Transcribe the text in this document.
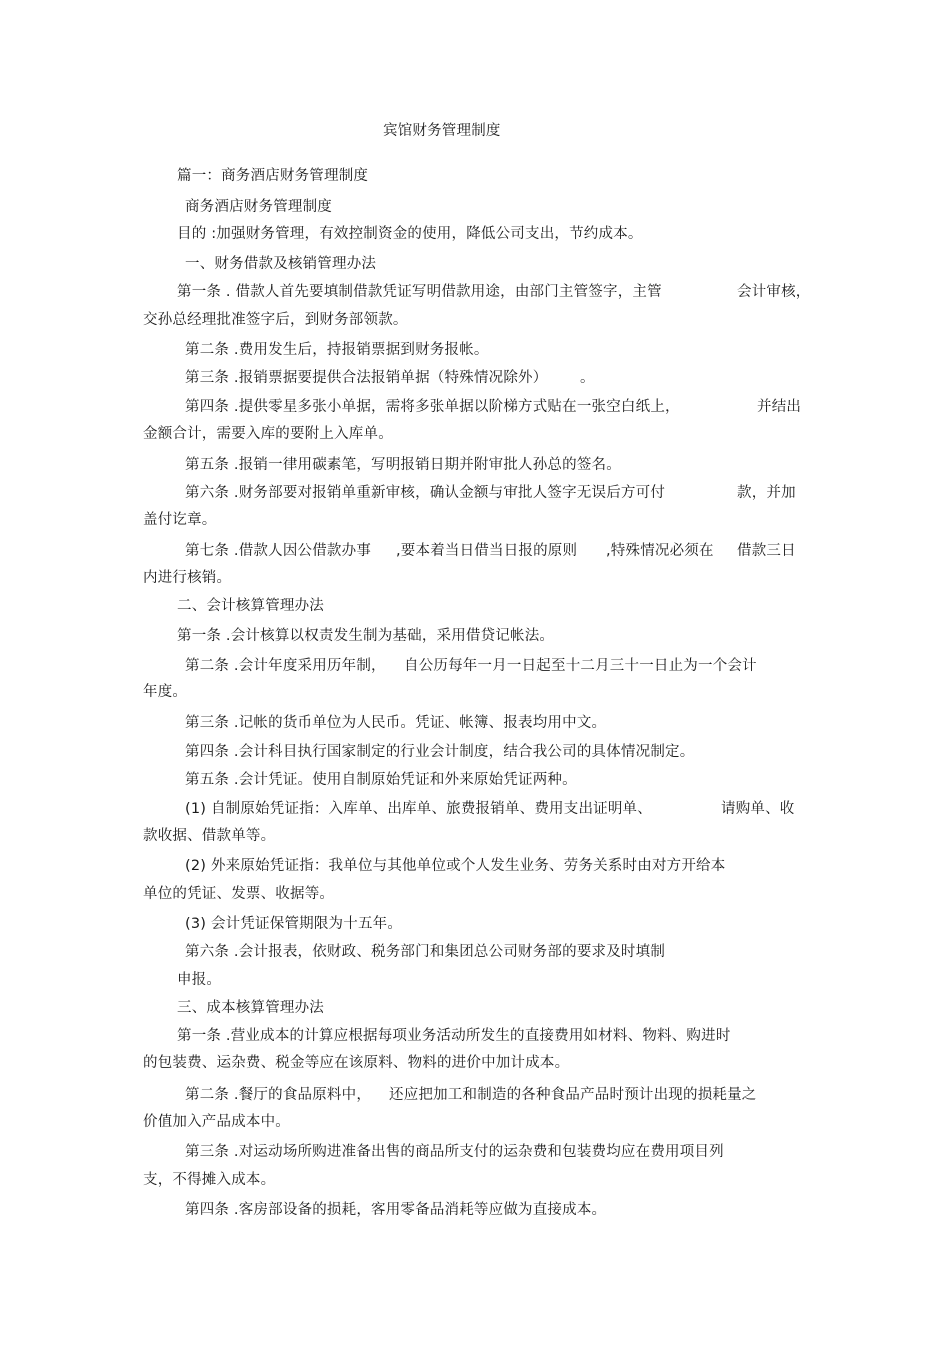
宾馆财务管理制度
篇一：商务酒店财务管理制度
商务酒店财务管理制度
目的 :加强财务管理，有效控制资金的使用，降低公司支出，节约成本。
一、财务借款及核销管理办法
第一条 . 借款人首先要填制借款凭证写明借款用途，由部门主管签字，主管	会计审核，
交孙总经理批准签字后，到财务部领款。
第二条 .费用发生后，持报销票据到财务报帐。
第三条 .报销票据要提供合法报销单据（特殊情况除外） 。
第四条 .提供零星多张小单据，需将多张单据以阶梯方式贴在一张空白纸上，	并结出
金额合计，需要入库的要附上入库单。
第五条 .报销一律用碳素笔，写明报销日期并附审批人孙总的签名。
第六条 .财务部要对报销单重新审核，确认金额与审批人签字无误后方可付	款，并加
盖付讫章。
第七条 .借款人因公借款办事 ,要本着当日借当日报的原则 ,特殊情况必须在 借款三日
内进行核销。
二、会计核算管理办法
第一条 .会计核算以权责发生制为基础，采用借贷记帐法。
第二条 .会计年度采用历年制， 自公历每年一月一日起至十二月三十一日止为一个会计
年度。
第三条 .记帐的货币单位为人民币。凭证、帐簿、报表均用中文。
第四条 .会计科目执行国家制定的行业会计制度，结合我公司的具体情况制定。
第五条 .会计凭证。使用自制原始凭证和外来原始凭证两种。
(1) 自制原始凭证指：入库单、出库单、旅费报销单、费用支出证明单、	请购单、收
款收据、借款单等。
(2) 外来原始凭证指：我单位与其他单位或个人发生业务、劳务关系时由对方开给本
单位的凭证、发票、收据等。
(3) 会计凭证保管期限为十五年。
第六条 .会计报表，依财政、税务部门和集团总公司财务部的要求及时填制
申报。
三、成本核算管理办法
第一条 .营业成本的计算应根据每项业务活动所发生的直接费用如材料、物料、购进时
的包装费、运杂费、税金等应在该原料、物料的进价中加计成本。
第二条 .餐厅的食品原料中， 还应把加工和制造的各种食品产品时预计出现的损耗量之
价值加入产品成本中。
第三条 .对运动场所购进准备出售的商品所支付的运杂费和包装费均应在费用项目列
支，不得摊入成本。
第四条 .客房部设备的损耗，客用零备品消耗等应做为直接成本。
